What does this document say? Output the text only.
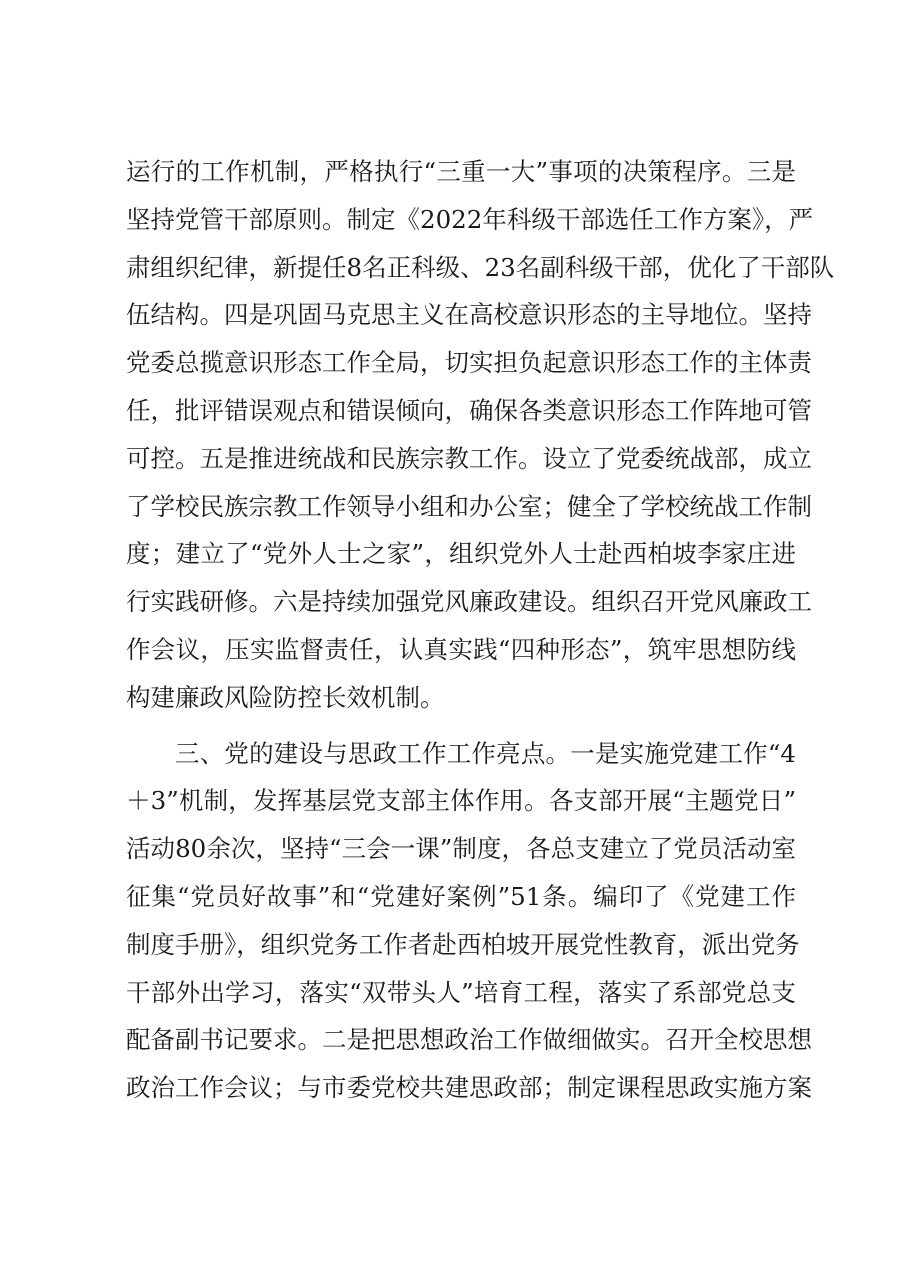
运行的工作机制，严格执行“三重一大”事项的决策程序。三是
坚持党管干部原则。制定《2022年科级干部选任工作方案》，严
肃组织纪律，新提任8名正科级、23名副科级干部，优化了干部队
伍结构。四是巩固马克思主义在高校意识形态的主导地位。坚持
党委总揽意识形态工作全局，切实担负起意识形态工作的主体责
任，批评错误观点和错误倾向，确保各类意识形态工作阵地可管
可控。五是推进统战和民族宗教工作。设立了党委统战部，成立
了学校民族宗教工作领导小组和办公室；健全了学校统战工作制
度；建立了“党外人士之家”，组织党外人士赴西柏坡李家庄进
行实践研修。六是持续加强党风廉政建设。组织召开党风廉政工
作会议，压实监督责任，认真实践“四种形态”，筑牢思想防线
构建廉政风险防控长效机制。
三、党的建设与思政工作工作亮点。一是实施党建工作“4
＋3”机制，发挥基层党支部主体作用。各支部开展“主题党日”
活动80余次，坚持“三会一课”制度，各总支建立了党员活动室
征集“党员好故事”和“党建好案例”51条。编印了《党建工作
制度手册》，组织党务工作者赴西柏坡开展党性教育，派出党务
干部外出学习，落实“双带头人”培育工程，落实了系部党总支
配备副书记要求。二是把思想政治工作做细做实。召开全校思想
政治工作会议；与市委党校共建思政部；制定课程思政实施方案
